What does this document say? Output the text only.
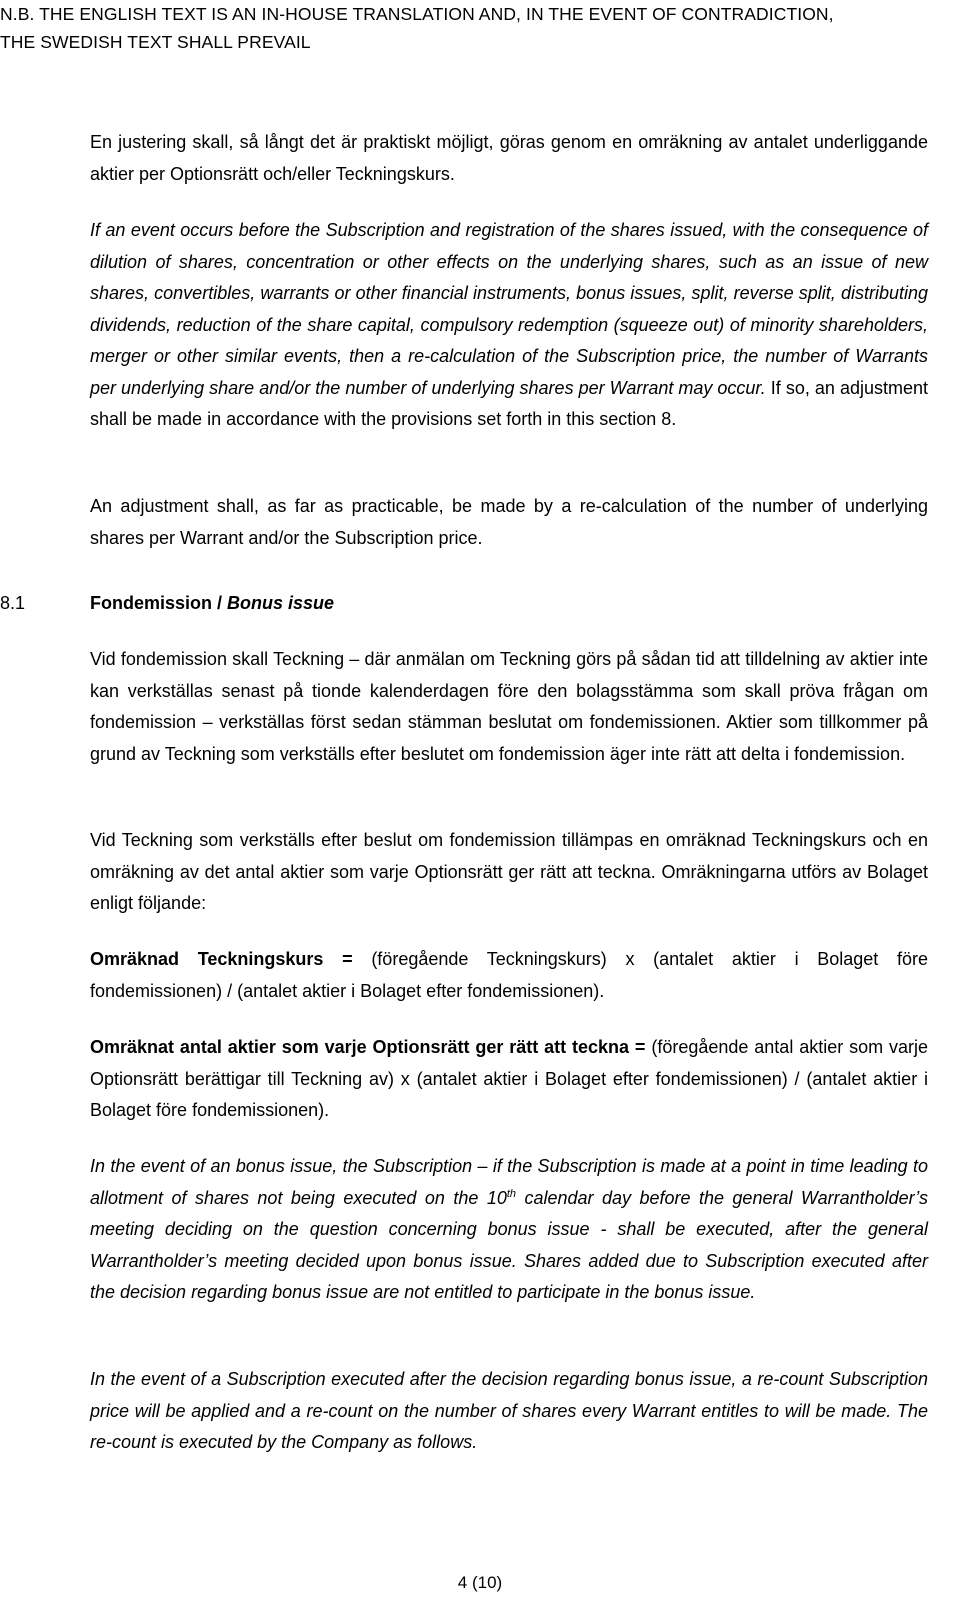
N.B. THE ENGLISH TEXT IS AN IN-HOUSE TRANSLATION AND, IN THE EVENT OF CONTRADICTION,
THE SWEDISH TEXT SHALL PREVAIL

En justering skall, så långt det är praktiskt möjligt, göras genom en omräkning av antalet underliggande aktier per Optionsrätt och/eller Teckningskurs.

If an event occurs before the Subscription and registration of the shares issued, with the consequence of dilution of shares, concentration or other effects on the underlying shares, such as an issue of new shares, convertibles, warrants or other financial instruments, bonus issues, split, reverse split, distributing dividends, reduction of the share capital, compulsory redemption (squeeze out) of minority shareholders, merger or other similar events, then a re-calculation of the Subscription price, the number of Warrants per underlying share and/or the number of underlying shares per Warrant may occur. If so, an adjustment shall be made in accordance with the provisions set forth in this section 8.

An adjustment shall, as far as practicable, be made by a re-calculation of the number of underlying shares per Warrant and/or the Subscription price.

8.1	Fondemission / Bonus issue

Vid fondemission skall Teckning – där anmälan om Teckning görs på sådan tid att tilldelning av aktier inte kan verkställas senast på tionde kalenderdagen före den bolagsstämma som skall pröva frågan om fondemission – verkställas först sedan stämman beslutat om fondemissionen. Aktier som tillkommer på grund av Teckning som verkställs efter beslutet om fondemission äger inte rätt att delta i fondemission.

Vid Teckning som verkställs efter beslut om fondemission tillämpas en omräknad Teckningskurs och en omräkning av det antal aktier som varje Optionsrätt ger rätt att teckna. Omräkningarna utförs av Bolaget enligt följande:

Omräknad Teckningskurs = (föregående Teckningskurs) x (antalet aktier i Bolaget före fondemissionen) / (antalet aktier i Bolaget efter fondemissionen).

Omräknat antal aktier som varje Optionsrätt ger rätt att teckna = (föregående antal aktier som varje Optionsrätt berättigar till Teckning av) x (antalet aktier i Bolaget efter fondemissionen) / (antalet aktier i Bolaget före fondemissionen).

In the event of an bonus issue, the Subscription – if the Subscription is made at a point in time leading to allotment of shares not being executed on the 10th calendar day before the general Warrantholder’s meeting deciding on the question concerning bonus issue - shall be executed, after the general Warrantholder’s meeting decided upon bonus issue. Shares added due to Subscription executed after the decision regarding bonus issue are not entitled to participate in the bonus issue.

In the event of a Subscription executed after the decision regarding bonus issue, a re-count Subscription price will be applied and a re-count on the number of shares every Warrant entitles to will be made. The re-count is executed by the Company as follows.

4 (10)
